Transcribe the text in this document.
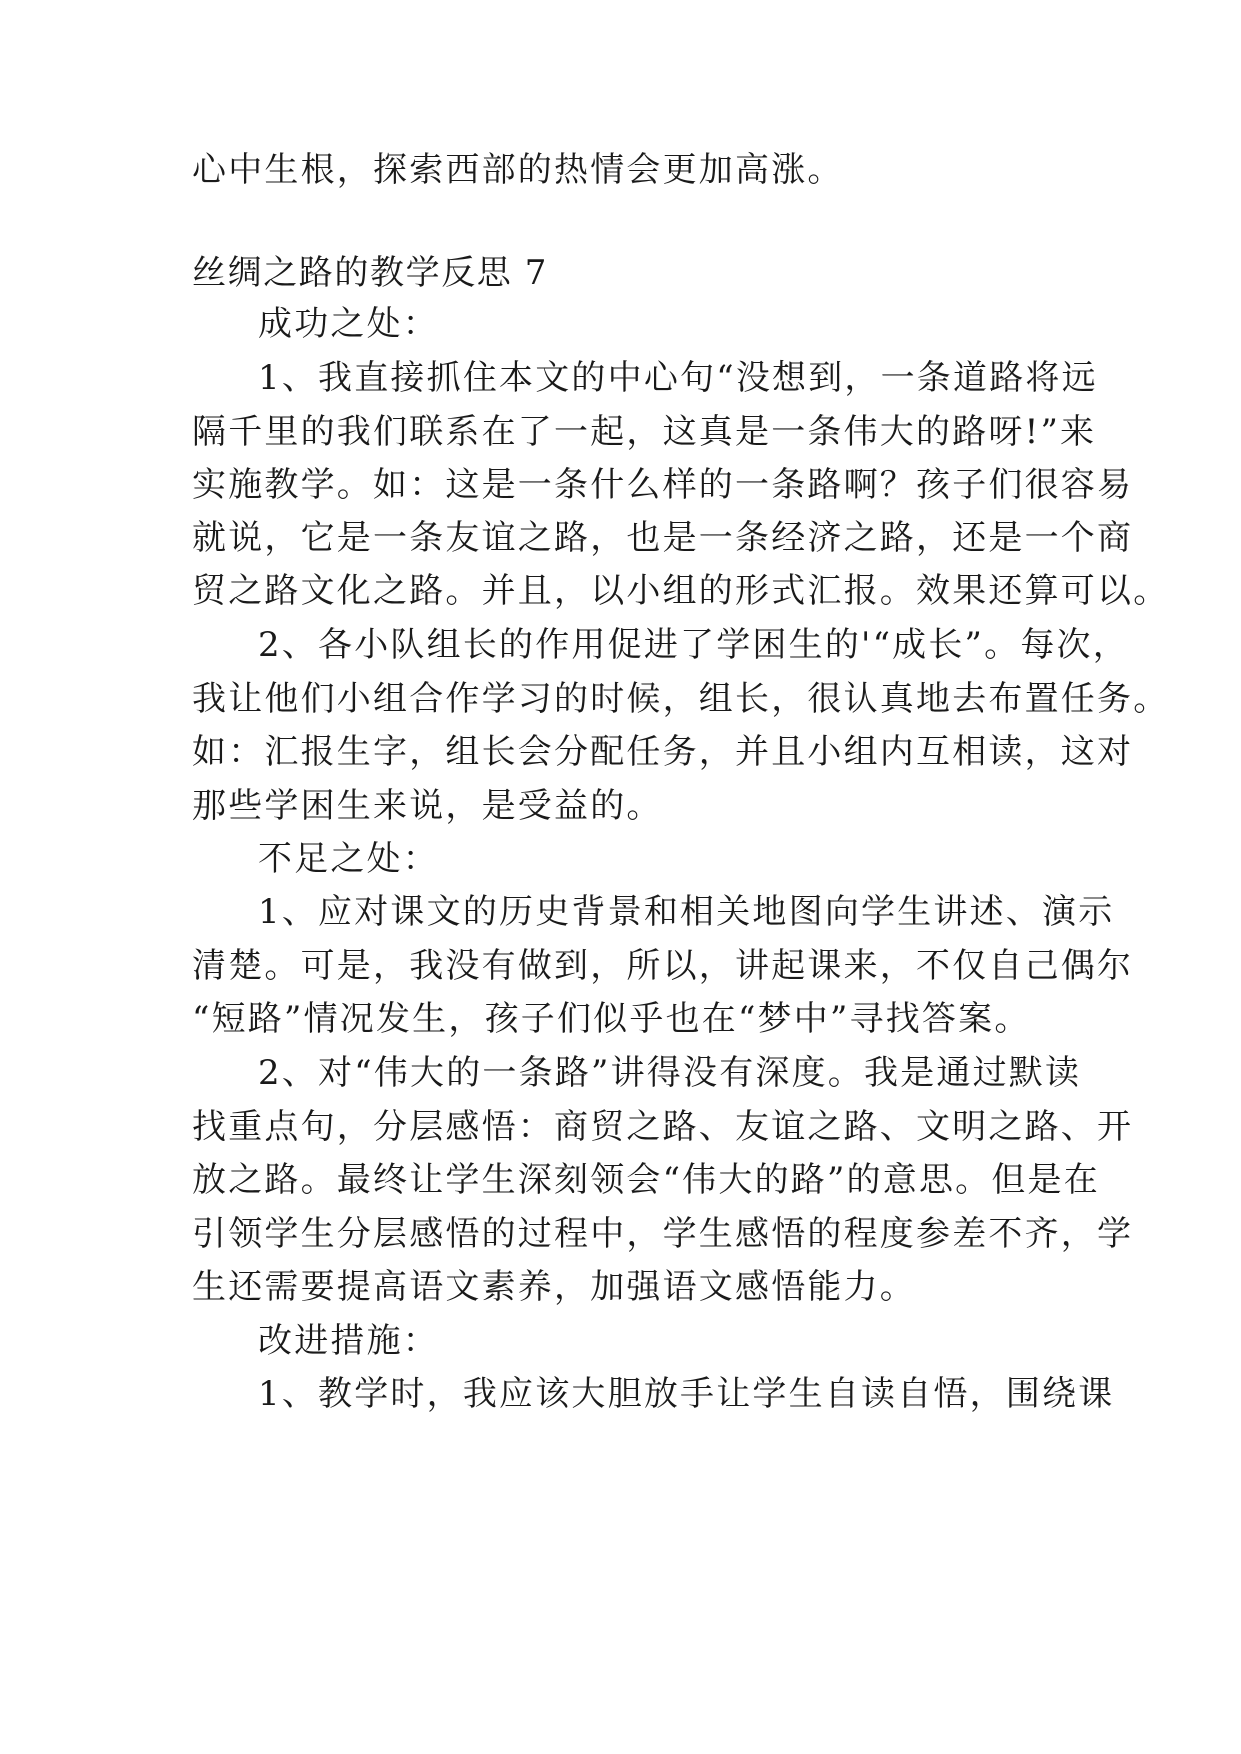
心中生根，探索西部的热情会更加高涨。
丝绸之路的教学反思 7
成功之处：
1、我直接抓住本文的中心句“没想到，一条道路将远
隔千里的我们联系在了一起，这真是一条伟大的路呀!”来
实施教学。如：这是一条什么样的一条路啊？孩子们很容易
就说，它是一条友谊之路，也是一条经济之路，还是一个商
贸之路文化之路。并且，以小组的形式汇报。效果还算可以。
2、各小队组长的作用促进了学困生的'“成长”。每次，
我让他们小组合作学习的时候，组长，很认真地去布置任务。
如：汇报生字，组长会分配任务，并且小组内互相读，这对
那些学困生来说，是受益的。
不足之处：
1、应对课文的历史背景和相关地图向学生讲述、演示
清楚。可是，我没有做到，所以，讲起课来，不仅自己偶尔
“短路”情况发生，孩子们似乎也在“梦中”寻找答案。
2、对“伟大的一条路”讲得没有深度。我是通过默读
找重点句，分层感悟：商贸之路、友谊之路、文明之路、开
放之路。最终让学生深刻领会“伟大的路”的意思。但是在
引领学生分层感悟的过程中，学生感悟的程度参差不齐，学
生还需要提高语文素养，加强语文感悟能力。
改进措施：
1、教学时，我应该大胆放手让学生自读自悟，围绕课
